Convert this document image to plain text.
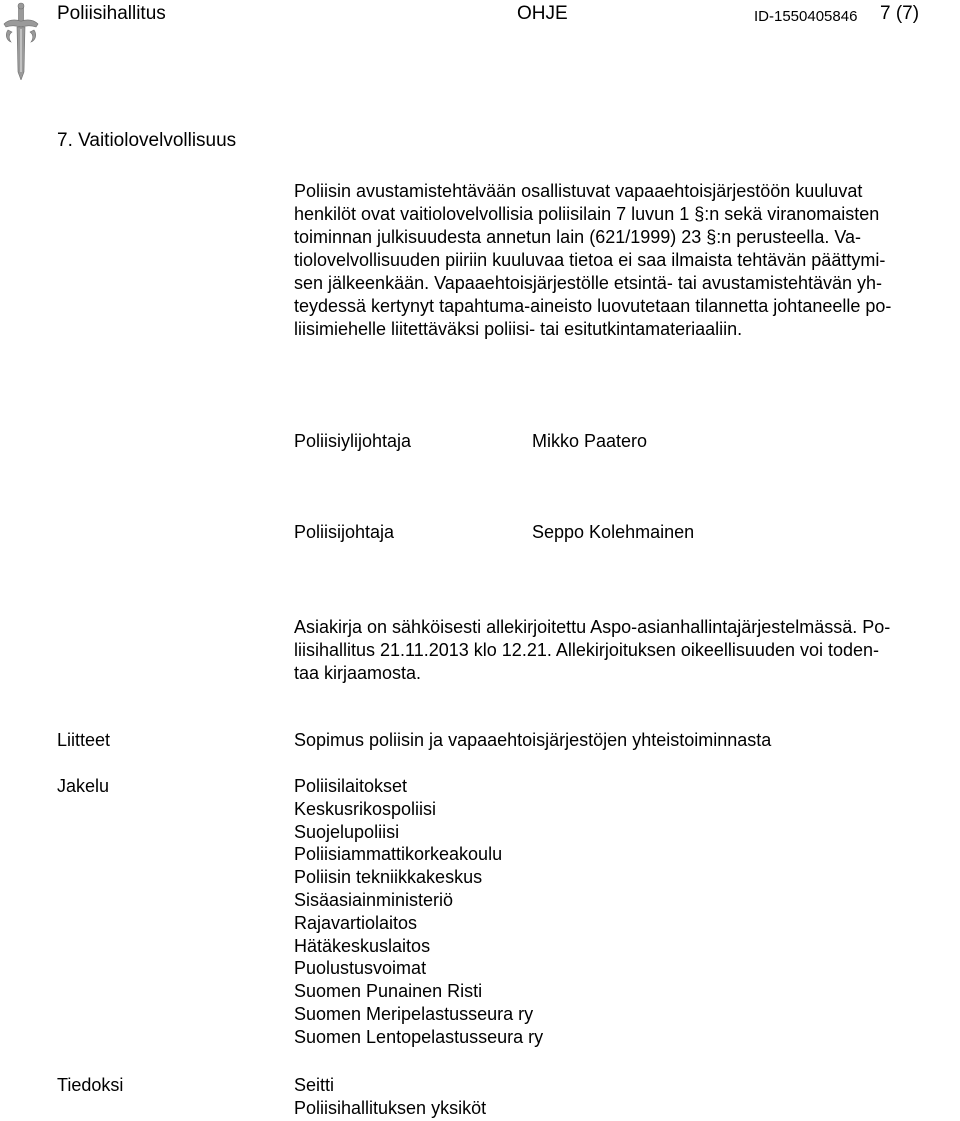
Poliisihallitus	OHJE	ID-1550405846 7 (7)
7. Vaitiolovelvollisuus
Poliisin avustamistehtävään osallistuvat vapaaehtoisjärjestöön kuuluvat
henkilöt ovat vaitiolovelvollisia poliisilain 7 luvun 1 §:n sekä viranomaisten
toiminnan julkisuudesta annetun lain (621/1999) 23 §:n perusteella. Va-
tiolovelvollisuuden piiriin kuuluvaa tietoa ei saa ilmaista tehtävän päättymi-
sen jälkeenkään. Vapaaehtoisjärjestölle etsintä- tai avustamistehtävän yh-
teydessä kertynyt tapahtuma-aineisto luovutetaan tilannetta johtaneelle po-
liisimiehelle liitettäväksi poliisi- tai esitutkintamateriaaliin.
Poliisiylijohtaja	Mikko Paatero
Poliisijohtaja	Seppo Kolehmainen
Asiakirja on sähköisesti allekirjoitettu Aspo-asianhallintajärjestelmässä. Po-
liisihallitus 21.11.2013 klo 12.21. Allekirjoituksen oikeellisuuden voi toden-
taa kirjaamosta.
Liitteet	Sopimus poliisin ja vapaaehtoisjärjestöjen yhteistoiminnasta
Jakelu	Poliisilaitokset
Keskusrikospoliisi
Suojelupoliisi
Poliisiammattikorkeakoulu
Poliisin tekniikkakeskus
Sisäasiainministeriö
Rajavartiolaitos
Hätäkeskuslaitos
Puolustusvoimat
Suomen Punainen Risti
Suomen Meripelastusseura ry
Suomen Lentopelastusseura ry
Tiedoksi	Seitti
Poliisihallituksen yksiköt
